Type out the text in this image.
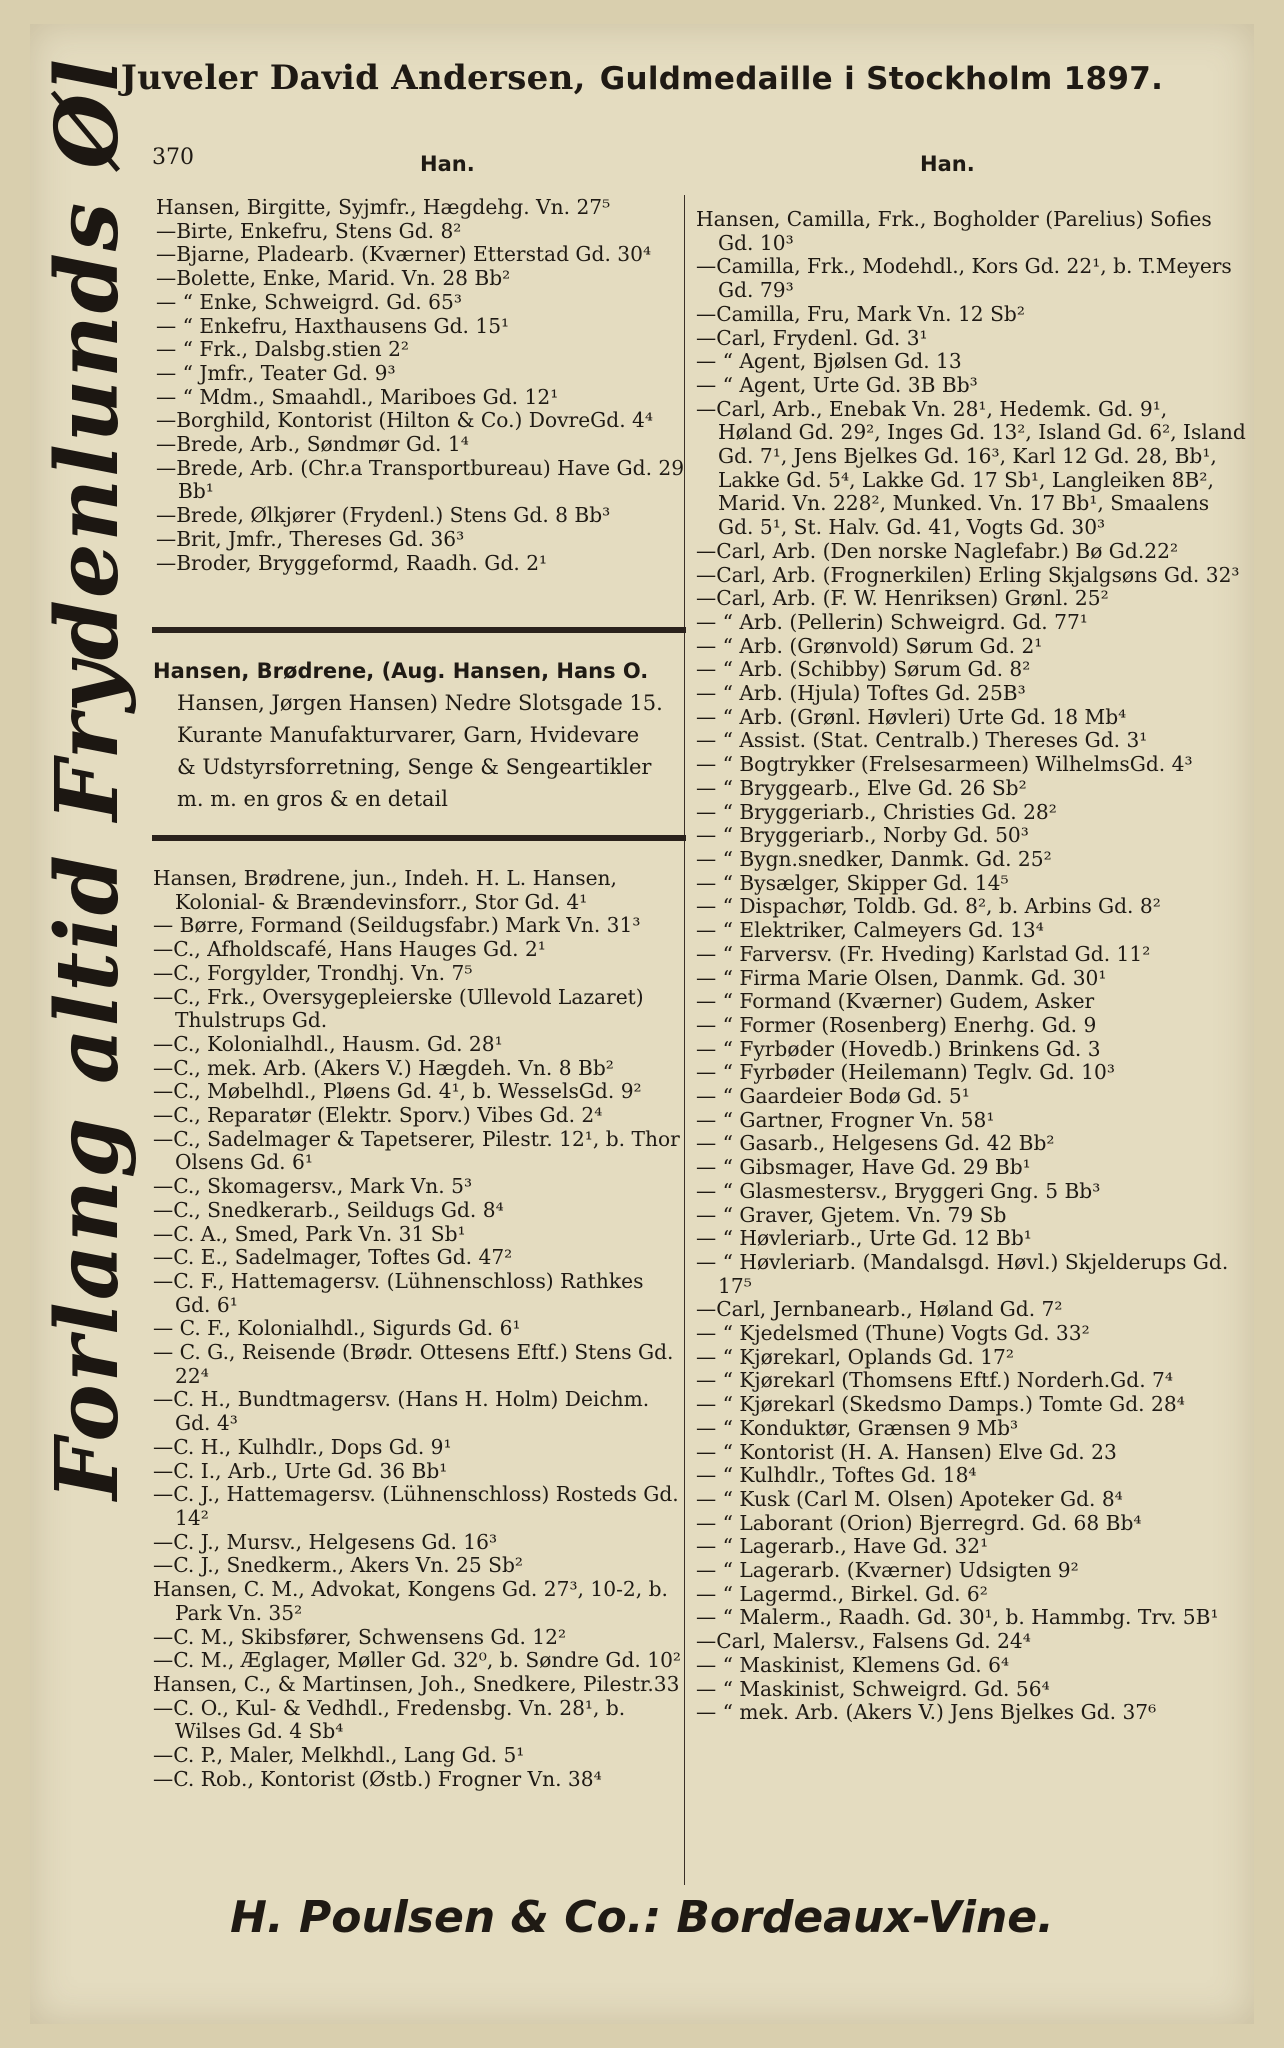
Juveler David Andersen, Guldmedaille i Stockholm 1897.
370	Han.	Han.
Forlang altid Frydenlunds Øl Hansen, Birgitte, Syjmfr., Hægdehg. Vn. 27⁵
—Birte, Enkefru, Stens Gd. 8²
—Bjarne, Pladearb. (Kværner) Etterstad Gd. 30⁴
—Bolette, Enke, Marid. Vn. 28 Bb²
— “ Enke, Schweigrd. Gd. 65³
— “ Enkefru, Haxthausens Gd. 15¹
— “ Frk., Dalsbg.stien 2²
— “ Jmfr., Teater Gd. 9³
— “ Mdm., Smaahdl., Mariboes Gd. 12¹
—Borghild, Kontorist (Hilton & Co.) DovreGd. 4⁴
—Brede, Arb., Søndmør Gd. 1⁴
—Brede, Arb. (Chr.a Transportbureau) Have Gd. 29 Bb¹
—Brede, Ølkjører (Frydenl.) Stens Gd. 8 Bb³
—Brit, Jmfr., Thereses Gd. 36³
—Broder, Bryggeformd, Raadh. Gd. 2¹
Hansen, Brødrene, (Aug. Hansen, Hans O.
Hansen, Jørgen Hansen) Nedre Slotsgade 15.
Kurante Manufakturvarer, Garn, Hvidevare
& Udstyrsforretning, Senge & Sengeartikler
m. m. en gros & en detail
Hansen, Brødrene, jun., Indeh. H. L. Hansen, Kolonial- & Brændevinsforr., Stor Gd. 4¹
— Børre, Formand (Seildugsfabr.) Mark Vn. 31³
—C., Afholdscafé, Hans Hauges Gd. 2¹
—C., Forgylder, Trondhj. Vn. 7⁵
—C., Frk., Oversygepleierske (Ullevold Lazaret) Thulstrups Gd.
—C., Kolonialhdl., Hausm. Gd. 28¹
—C., mek. Arb. (Akers V.) Hægdeh. Vn. 8 Bb²
—C., Møbelhdl., Pløens Gd. 4¹, b. WesselsGd. 9²
—C., Reparatør (Elektr. Sporv.) Vibes Gd. 2⁴
—C., Sadelmager & Tapetserer, Pilestr. 12¹, b. Thor Olsens Gd. 6¹
—C., Skomagersv., Mark Vn. 5³
—C., Snedkerarb., Seildugs Gd. 8⁴
—C. A., Smed, Park Vn. 31 Sb¹
—C. E., Sadelmager, Toftes Gd. 47²
—C. F., Hattemagersv. (Lühnenschloss) Rathkes Gd. 6¹
— C. F., Kolonialhdl., Sigurds Gd. 6¹
— C. G., Reisende (Brødr. Ottesens Eftf.) Stens Gd. 22⁴
—C. H., Bundtmagersv. (Hans H. Holm) Deichm. Gd. 4³
—C. H., Kulhdlr., Dops Gd. 9¹
—C. I., Arb., Urte Gd. 36 Bb¹
—C. J., Hattemagersv. (Lühnenschloss) Rosteds Gd. 14²
—C. J., Mursv., Helgesens Gd. 16³
—C. J., Snedkerm., Akers Vn. 25 Sb²
Hansen, C. M., Advokat, Kongens Gd. 27³, 10-2, b. Park Vn. 35²
—C. M., Skibsfører, Schwensens Gd. 12²
—C. M., Æglager, Møller Gd. 32⁰, b. Søndre Gd. 10²
Hansen, C., & Martinsen, Joh., Snedkere, Pilestr.33
—C. O., Kul- & Vedhdl., Fredensbg. Vn. 28¹, b. Wilses Gd. 4 Sb⁴
—C. P., Maler, Melkhdl., Lang Gd. 5¹
—C. Rob., Kontorist (Østb.) Frogner Vn. 38⁴
Hansen, Camilla, Frk., Bogholder (Parelius) Sofies Gd. 10³
—Camilla, Frk., Modehdl., Kors Gd. 22¹, b. T.Meyers Gd. 79³
—Camilla, Fru, Mark Vn. 12 Sb²
—Carl, Frydenl. Gd. 3¹
— “ Agent, Bjølsen Gd. 13
— “ Agent, Urte Gd. 3B Bb³
—Carl, Arb., Enebak Vn. 28¹, Hedemk. Gd. 9¹, Høland Gd. 29², Inges Gd. 13², Island Gd. 6², Island Gd. 7¹, Jens Bjelkes Gd. 16³, Karl 12 Gd. 28, Bb¹, Lakke Gd. 5⁴, Lakke Gd. 17 Sb¹, Langleiken 8B², Marid. Vn. 228², Munked. Vn. 17 Bb¹, Smaalens Gd. 5¹, St. Halv. Gd. 41, Vogts Gd. 30³
—Carl, Arb. (Den norske Naglefabr.) Bø Gd.22²
—Carl, Arb. (Frognerkilen) Erling Skjalgsøns Gd. 32³
—Carl, Arb. (F. W. Henriksen) Grønl. 25²
— “ Arb. (Pellerin) Schweigrd. Gd. 77¹
— “ Arb. (Grønvold) Sørum Gd. 2¹
— “ Arb. (Schibby) Sørum Gd. 8²
— “ Arb. (Hjula) Toftes Gd. 25B³
— “ Arb. (Grønl. Høvleri) Urte Gd. 18 Mb⁴
— “ Assist. (Stat. Centralb.) Thereses Gd. 3¹
— “ Bogtrykker (Frelsesarmeen) WilhelmsGd. 4³
— “ Bryggearb., Elve Gd. 26 Sb²
— “ Bryggeriarb., Christies Gd. 28²
— “ Bryggeriarb., Norby Gd. 50³
— “ Bygn.snedker, Danmk. Gd. 25²
— “ Bysælger, Skipper Gd. 14⁵
— “ Dispachør, Toldb. Gd. 8², b. Arbins Gd. 8²
— “ Elektriker, Calmeyers Gd. 13⁴
— “ Farversv. (Fr. Hveding) Karlstad Gd. 11²
— “ Firma Marie Olsen, Danmk. Gd. 30¹
— “ Formand (Kværner) Gudem, Asker
— “ Former (Rosenberg) Enerhg. Gd. 9
— “ Fyrbøder (Hovedb.) Brinkens Gd. 3
— “ Fyrbøder (Heilemann) Teglv. Gd. 10³
— “ Gaardeier Bodø Gd. 5¹
— “ Gartner, Frogner Vn. 58¹
— “ Gasarb., Helgesens Gd. 42 Bb²
— “ Gibsmager, Have Gd. 29 Bb¹
— “ Glasmestersv., Bryggeri Gng. 5 Bb³
— “ Graver, Gjetem. Vn. 79 Sb
— “ Høvleriarb., Urte Gd. 12 Bb¹
— “ Høvleriarb. (Mandalsgd. Høvl.) Skjelderups Gd. 17⁵
—Carl, Jernbanearb., Høland Gd. 7²
— “ Kjedelsmed (Thune) Vogts Gd. 33²
— “ Kjørekarl, Oplands Gd. 17²
— “ Kjørekarl (Thomsens Eftf.) Norderh.Gd. 7⁴
— “ Kjørekarl (Skedsmo Damps.) Tomte Gd. 28⁴
— “ Konduktør, Grænsen 9 Mb³
— “ Kontorist (H. A. Hansen) Elve Gd. 23
— “ Kulhdlr., Toftes Gd. 18⁴
— “ Kusk (Carl M. Olsen) Apoteker Gd. 8⁴
— “ Laborant (Orion) Bjerregrd. Gd. 68 Bb⁴
— “ Lagerarb., Have Gd. 32¹
— “ Lagerarb. (Kværner) Udsigten 9²
— “ Lagermd., Birkel. Gd. 6²
— “ Malerm., Raadh. Gd. 30¹, b. Hammbg. Trv. 5B¹
—Carl, Malersv., Falsens Gd. 24⁴
— “ Maskinist, Klemens Gd. 6⁴
— “ Maskinist, Schweigrd. Gd. 56⁴
— “ mek. Arb. (Akers V.) Jens Bjelkes Gd. 37⁶
H. Poulsen & Co.: Bordeaux-Vine.
